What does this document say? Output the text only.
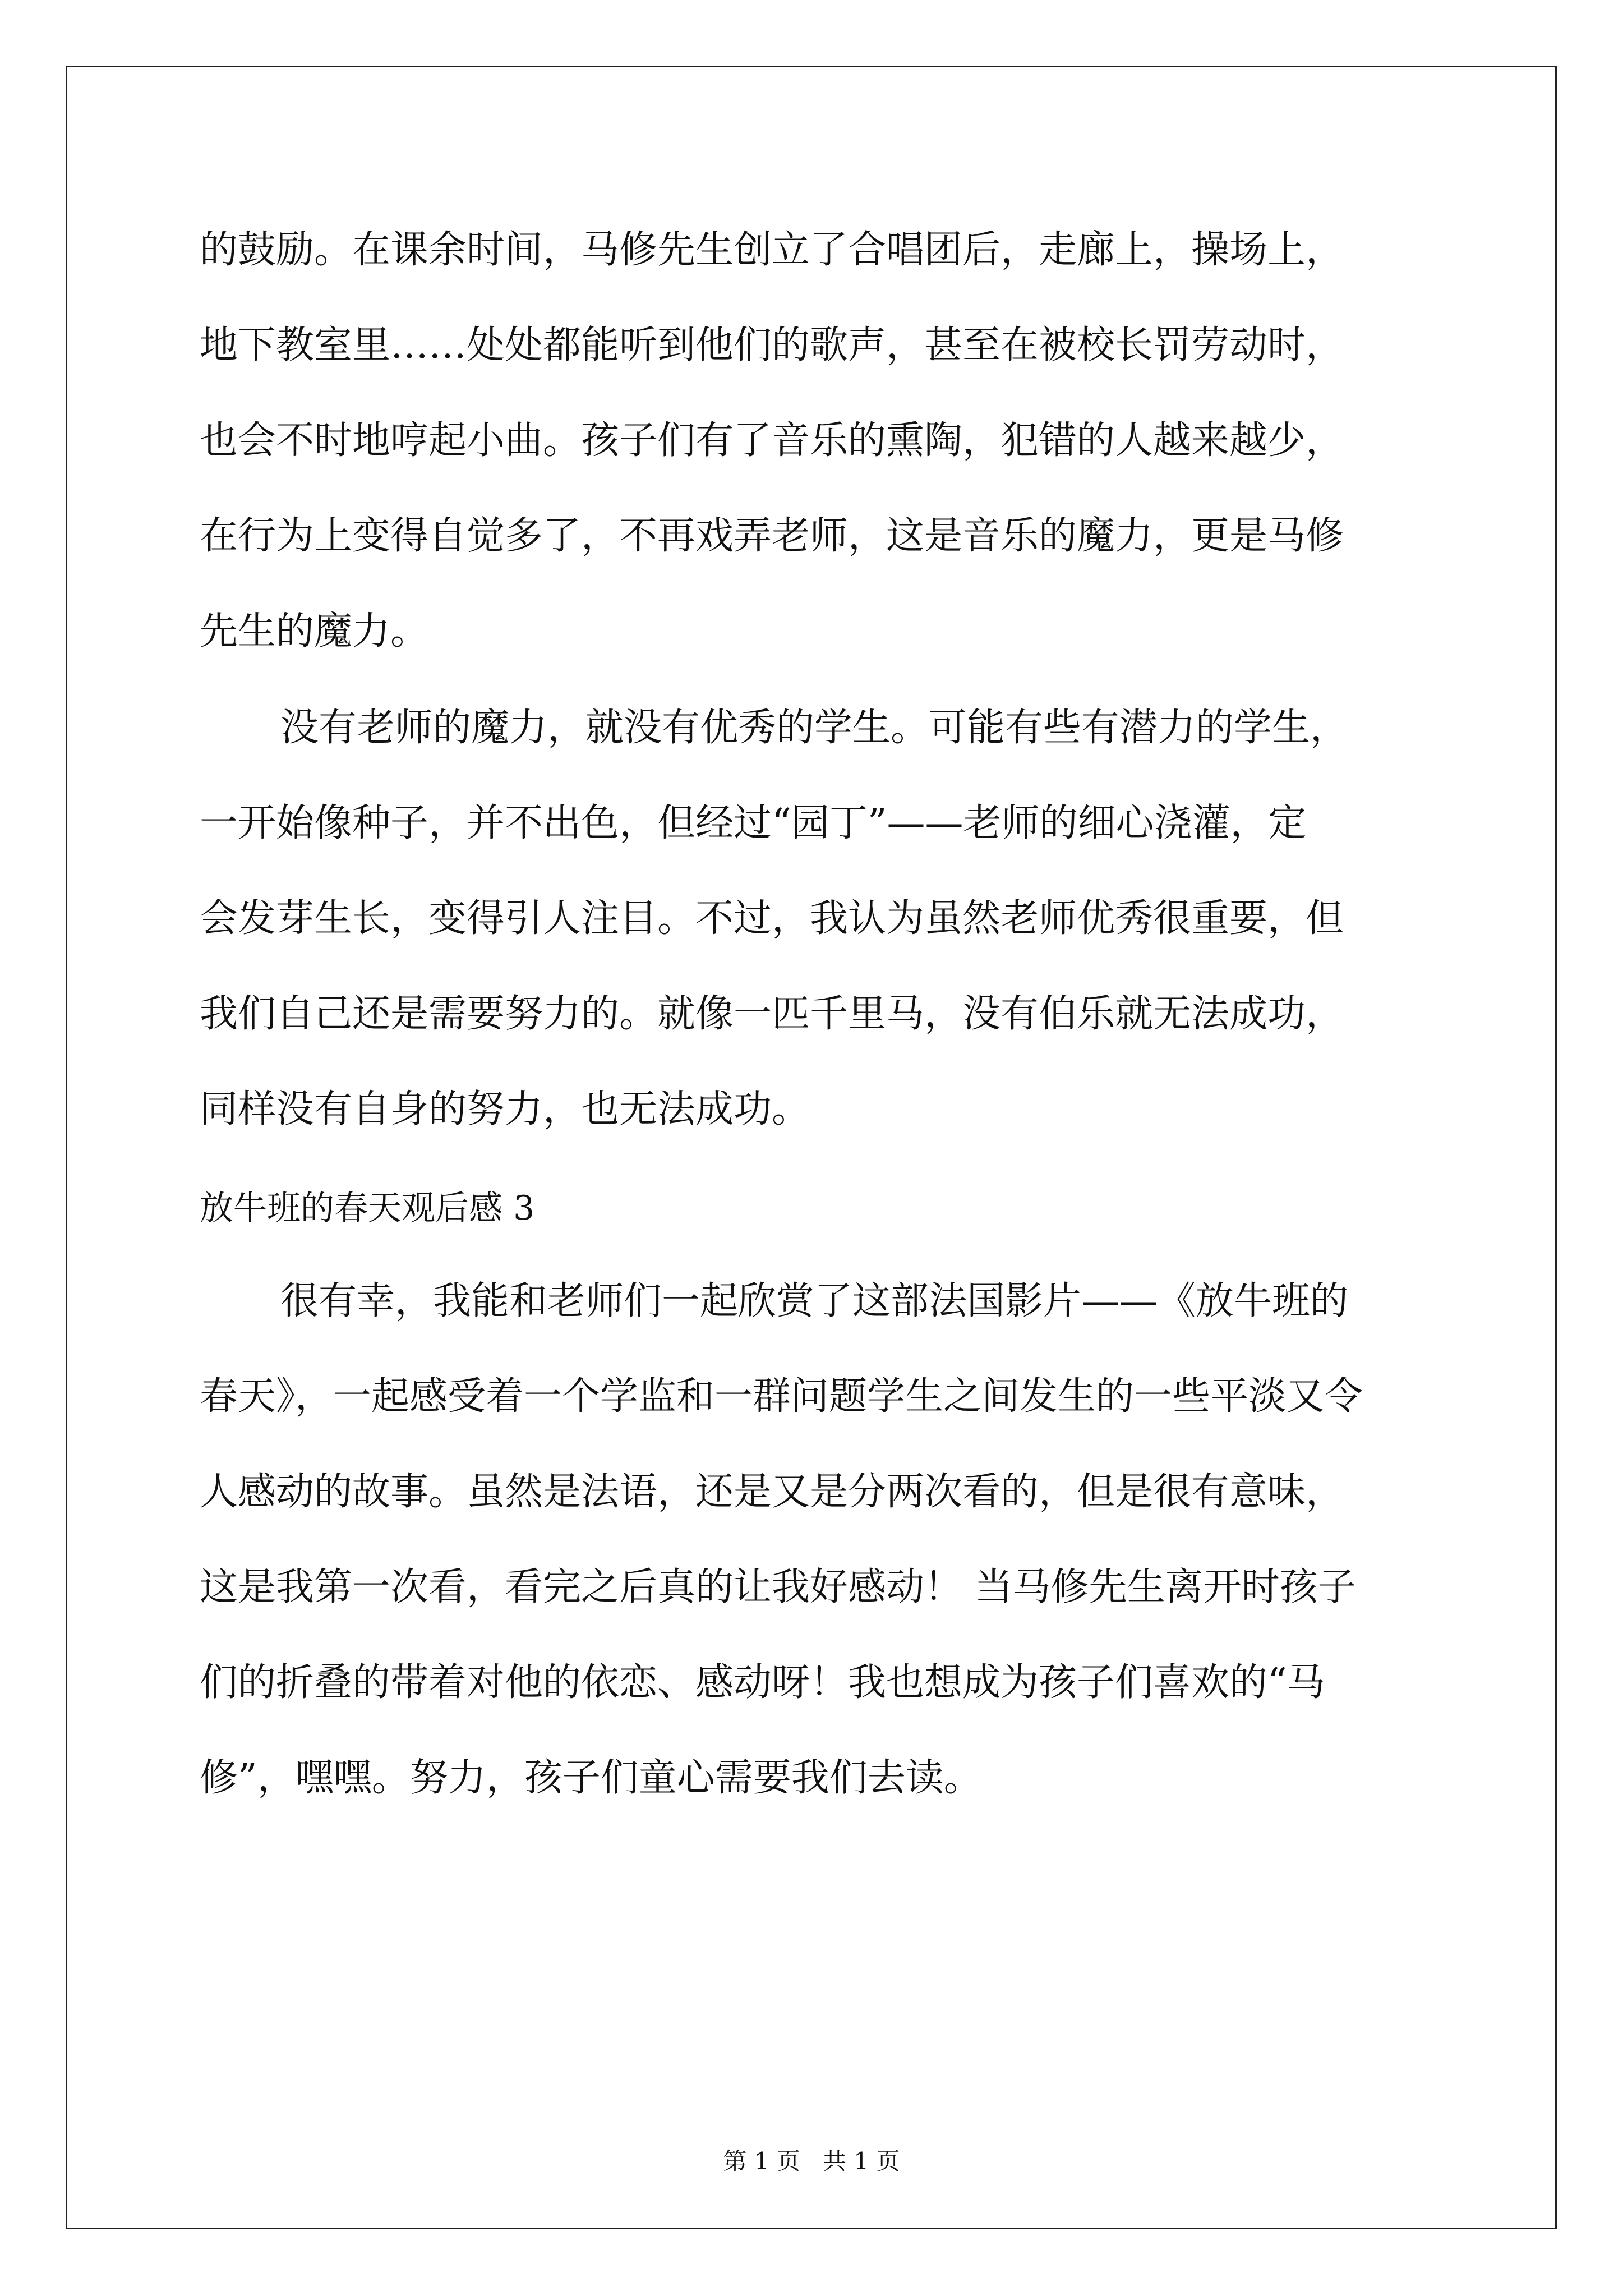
的鼓励。在课余时间，马修先生创立了合唱团后，走廊上，操场上，
地下教室里……处处都能听到他们的歌声，甚至在被校长罚劳动时，
也会不时地哼起小曲。孩子们有了音乐的熏陶，犯错的人越来越少，
在行为上变得自觉多了，不再戏弄老师，这是音乐的魔力，更是马修
先生的魔力。
没有老师的魔力，就没有优秀的学生。可能有些有潜力的学生，
一开始像种子，并不出色，但经过“园丁”——老师的细心浇灌，定
会发芽生长，变得引人注目。不过，我认为虽然老师优秀很重要，但
我们自己还是需要努力的。就像一匹千里马，没有伯乐就无法成功，
同样没有自身的努力，也无法成功。
放牛班的春天观后感 3
很有幸，我能和老师们一起欣赏了这部法国影片——《放牛班的
春天》，一起感受着一个学监和一群问题学生之间发生的一些平淡又令
人感动的故事。虽然是法语，还是又是分两次看的，但是很有意味，
这是我第一次看，看完之后真的让我好感动！ 当马修先生离开时孩子
们的折叠的带着对他的依恋、感动呀！我也想成为孩子们喜欢的“马
修”，嘿嘿。努力，孩子们童心需要我们去读。
第 1 页   共 1 页
